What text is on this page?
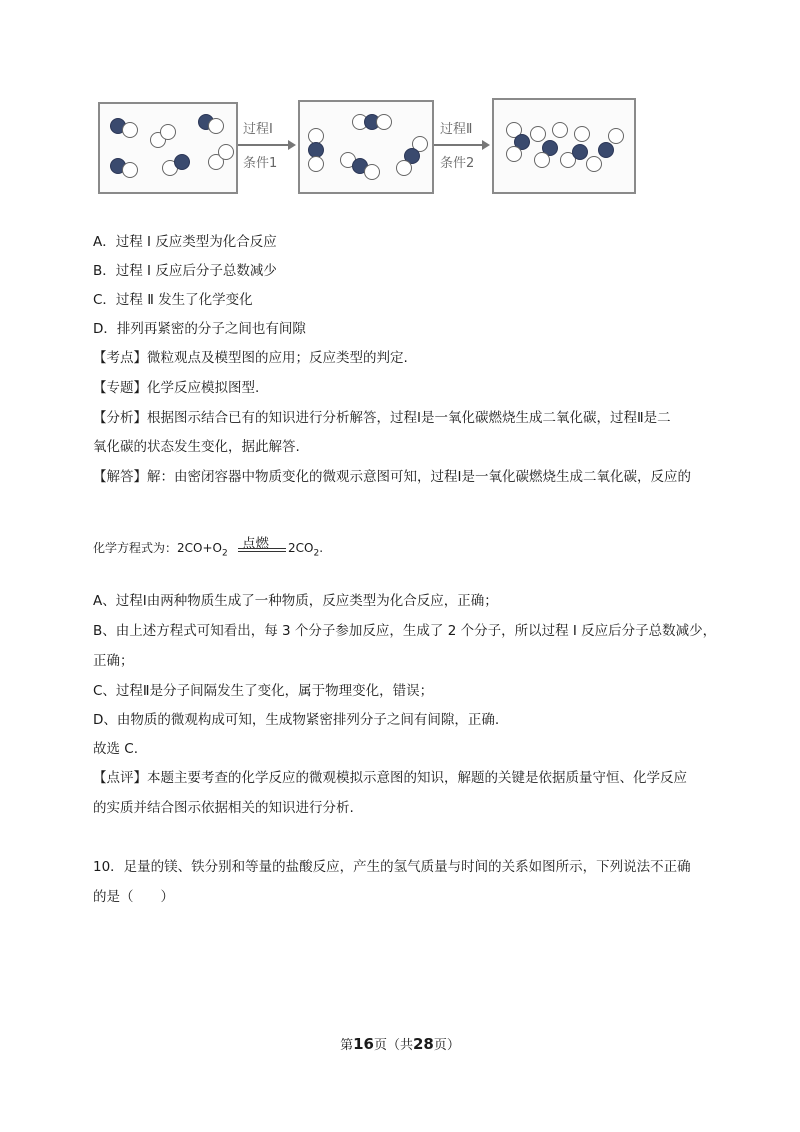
过程Ⅰ
条件1
过程Ⅱ
条件2
A．过程 Ⅰ 反应类型为化合反应
B．过程 Ⅰ 反应后分子总数减少
C．过程 Ⅱ 发生了化学变化
D．排列再紧密的分子之间也有间隙
【考点】微粒观点及模型图的应用；反应类型的判定.
【专题】化学反应模拟图型.
【分析】根据图示结合已有的知识进行分析解答，过程Ⅰ是一氧化碳燃烧生成二氧化碳，过程Ⅱ是二
氧化碳的状态发生变化，据此解答.
【解答】解：由密闭容器中物质变化的微观示意图可知，过程Ⅰ是一氧化碳燃烧生成二氧化碳，反应的
点燃
化学方程式为：$2CO+O_2$	$2CO_2$.
A、过程Ⅰ由两种物质生成了一种物质，反应类型为化合反应，正确；
B、由上述方程式可知看出，每 3 个分子参加反应，生成了 2 个分子，所以过程 Ⅰ 反应后分子总数减少，
正确；
C、过程Ⅱ是分子间隔发生了变化，属于物理变化，错误；
D、由物质的微观构成可知，生成物紧密排列分子之间有间隙，正确.
故选 C.
【点评】本题主要考查的化学反应的微观模拟示意图的知识，解题的关键是依据质量守恒、化学反应
的实质并结合图示依据相关的知识进行分析.
10．足量的镁、铁分别和等量的盐酸反应，产生的氢气质量与时间的关系如图所示，下列说法不正确
的是（　　）
第16页（共28页）
